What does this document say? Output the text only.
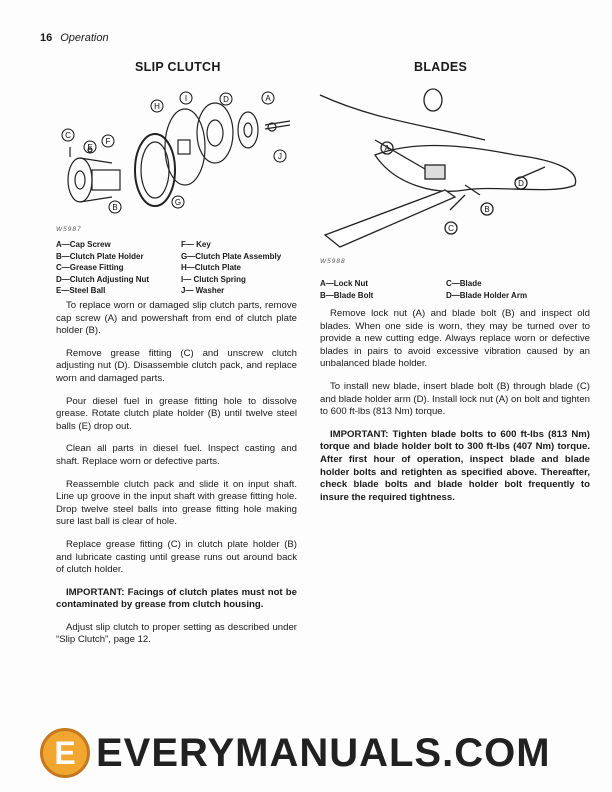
16 Operation
SLIP CLUTCH	BLADES
C
E
F
B
G
H
I	D	A
J
W5987
A—Cap Screw
B—Clutch Plate Holder
C—Grease Fitting
D—Clutch Adjusting Nut
E—Steel Ball
F— Key
G—Clutch Plate Assembly
H—Clutch Plate
I— Clutch Spring
J— Washer

To replace worn or damaged slip clutch parts, remove cap screw (A) and powershaft from end of clutch plate holder (B).

Remove grease fitting (C) and unscrew clutch adjusting nut (D). Disassemble clutch pack, and replace worn and damaged parts.

Pour diesel fuel in grease fitting hole to dissolve grease. Rotate clutch plate holder (B) until twelve steel balls (E) drop out.

Clean all parts in diesel fuel. Inspect casting and shaft. Replace worn or defective parts.

Reassemble clutch pack and slide it on input shaft. Line up groove in the input shaft with grease fitting hole. Drop twelve steel balls into grease fitting hole making sure last ball is clear of hole.

Replace grease fitting (C) in clutch plate holder (B) and lubricate casting until grease runs out around back of clutch holder.

IMPORTANT: Facings of clutch plates must not be contaminated by grease from clutch housing.

Adjust slip clutch to proper setting as described under “Slip Clutch”, page 12.

A
B
C
D
W5988
A—Lock Nut
B—Blade Bolt
C—Blade
D—Blade Holder Arm

Remove lock nut (A) and blade bolt (B) and inspect old blades. When one side is worn, they may be turned over to provide a new cutting edge. Always replace worn or defective blades in pairs to avoid excessive vibration caused by an unbalanced blade holder.

To install new blade, insert blade bolt (B) through blade (C) and blade holder arm (D). Install lock nut (A) on bolt and tighten to 600 ft-lbs (813 Nm) torque.

IMPORTANT: Tighten blade bolts to 600 ft-lbs (813 Nm) torque and blade holder bolt to 300 ft-lbs (407 Nm) torque. After first hour of operation, inspect blade and blade holder bolts and retighten as specified above. Thereafter, check blade bolts and blade holder bolt frequently to insure the required tightness.

E EVERYMANUALS.COM
